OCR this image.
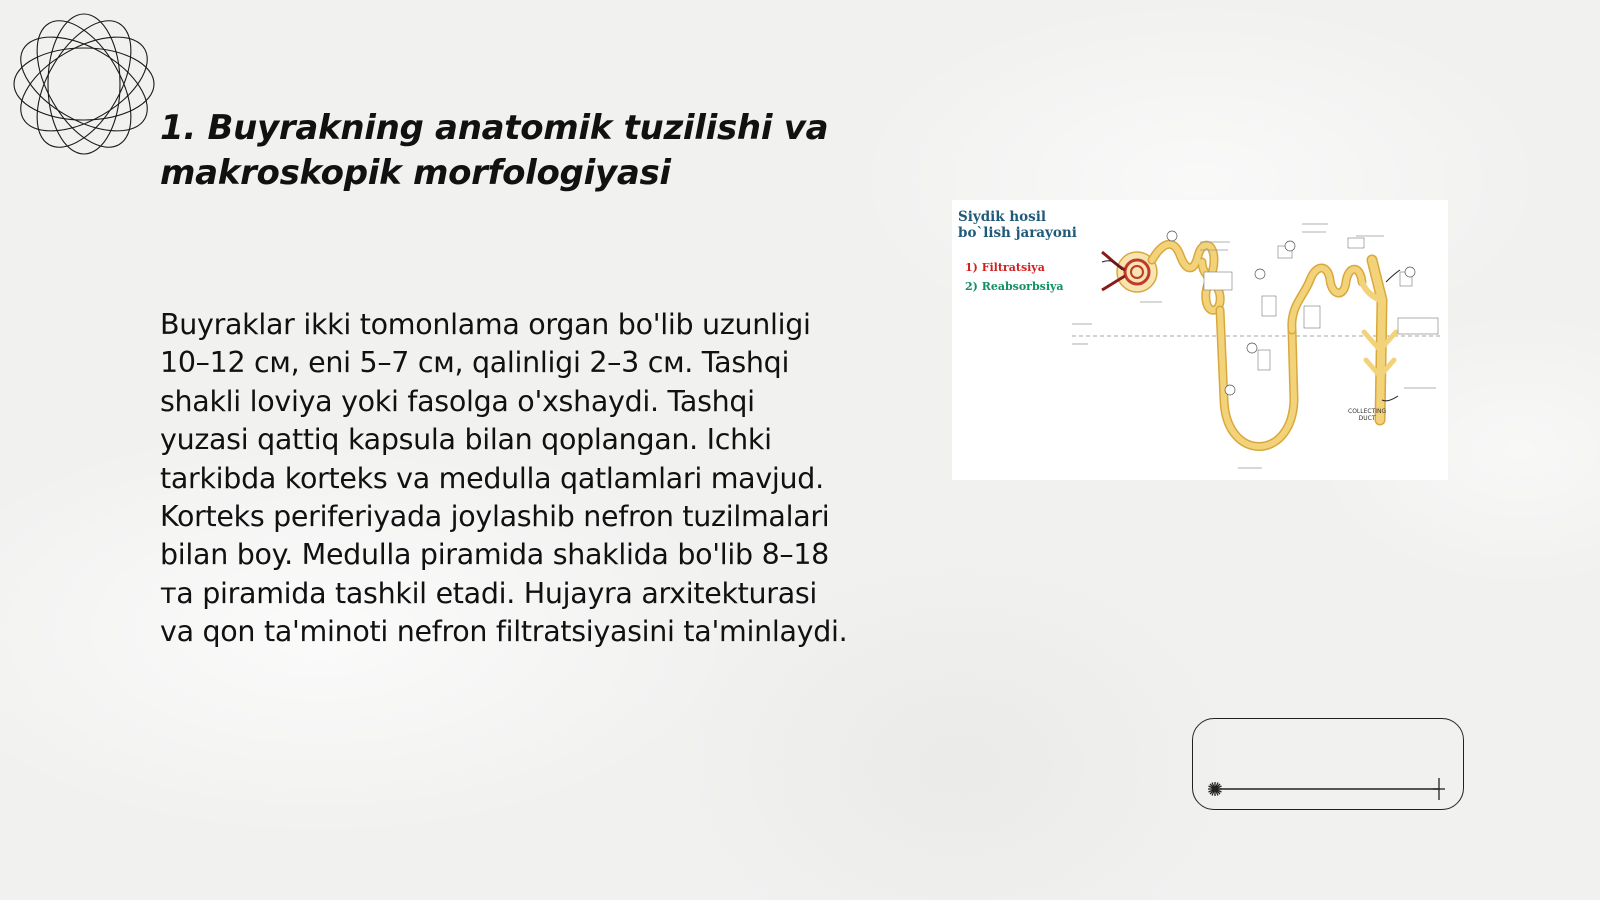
1. Buyrakning anatomik tuzilishi va makroskopik morfologiyasi

Buyraklar ikki tomonlama organ bo'lib uzunligi 10–12 см, eni 5–7 см, qalinligi 2–3 см. Tashqi shakli loviya yoki fasolga o'xshaydi. Tashqi yuzasi qattiq kapsula bilan qoplangan. Ichki tarkibda korteks va medulla qatlamlari mavjud. Korteks periferiyada joylashib nefron tuzilmalari bilan boy. Medulla piramida shaklida bo'lib 8–18 та piramida tashkil etadi. Hujayra arxitekturasi va qon ta'minoti nefron filtratsiyasini ta'minlaydi.

Siydik hosil
bo`lish jarayoni
1) Filtratsiya
2) Reabsorbsiya
COLLECTING
DUCT
